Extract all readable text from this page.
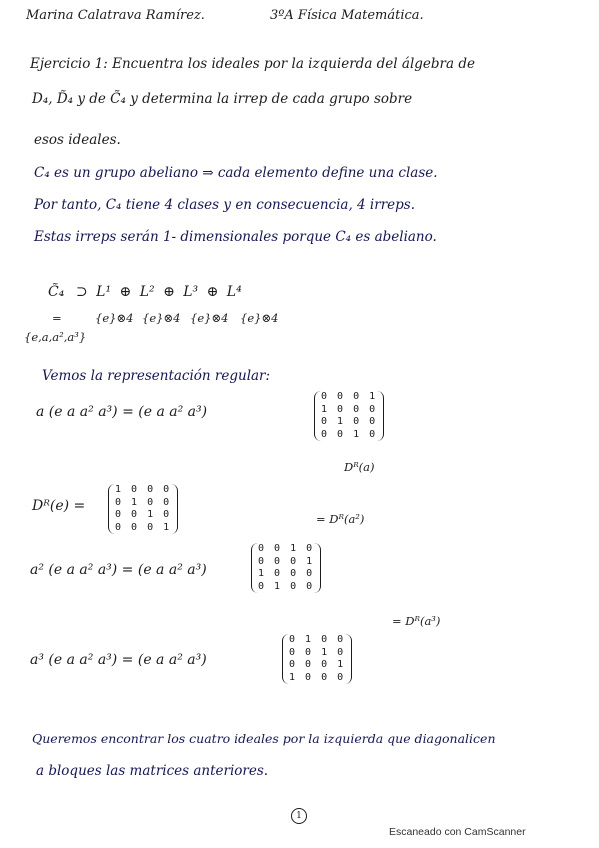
Marina Calatrava Ramírez.	3ºA Física Matemática.
Ejercicio 1: Encuentra los ideales por la izquierda del álgebra de
D₄, D̃₄ y de C̃₄ y determina la irrep de cada grupo sobre
esos ideales.
C₄ es un grupo abeliano ⇒ cada elemento define una clase.
Por tanto, C₄ tiene 4 clases y en consecuencia, 4 irreps.
Estas irreps serán 1- dimensionales porque C₄ es abeliano.
C̃₄ ⊃ L¹ ⊕ L² ⊕ L³ ⊕ L⁴
=
{e,a,a²,a³}
{e}⊗4 {e}⊗4 {e}⊗4 {e}⊗4
Vemos la representación regular:
a (e a a² a³) = (e a a² a³)
0 0 0 1
1 0 0 0
0 1 0 0
0 0 1 0
Dᴿ(a)
Dᴿ(e) =
1 0 0 0
0 1 0 0
0 0 1 0
0 0 0 1
= Dᴿ(a²)
a² (e a a² a³) = (e a a² a³)
0 0 1 0
0 0 0 1
1 0 0 0
0 1 0 0
= Dᴿ(a³)
a³ (e a a² a³) = (e a a² a³)
0 1 0 0
0 0 1 0
0 0 0 1
1 0 0 0
Queremos encontrar los cuatro ideales por la izquierda que diagonalicen
a bloques las matrices anteriores.
1
Escaneado con CamScanner
